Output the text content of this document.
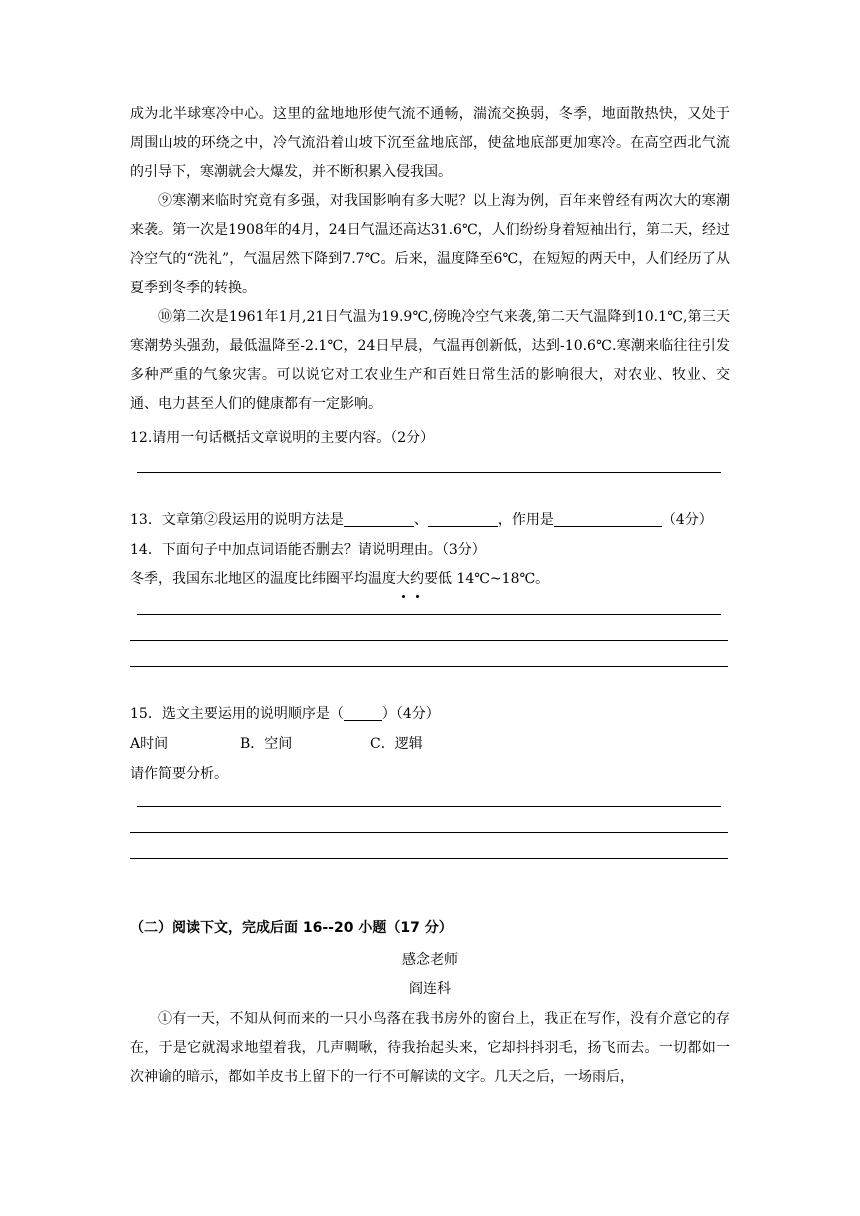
成为北半球寒冷中心。这里的盆地地形使气流不通畅，湍流交换弱，冬季，地面散热快，又处于周围山坡的环绕之中，冷气流沿着山坡下沉至盆地底部，使盆地底部更加寒冷。在高空西北气流的引导下，寒潮就会大爆发，并不断积累入侵我国。

⑨寒潮来临时究竟有多强，对我国影响有多大呢？以上海为例，百年来曾经有两次大的寒潮来袭。第一次是1908年的4月，24日气温还高达31.6℃，人们纷纷身着短袖出行，第二天，经过冷空气的“洗礼”，气温居然下降到7.7℃。后来，温度降至6℃，在短短的两天中，人们经历了从夏季到冬季的转换。

⑩第二次是1961年1月,21日气温为19.9℃,傍晚冷空气来袭,第二天气温降到10.1℃,第三天寒潮势头强劲，最低温降至-2.1℃，24日早晨，气温再创新低，达到-10.6℃.寒潮来临往往引发多种严重的气象灾害。可以说它对工农业生产和百姓日常生活的影响很大，对农业、牧业、交通、电力甚至人们的健康都有一定影响。

12.请用一句话概括文章说明的主要内容。（2分）

13．文章第②段运用的说明方法是	、	，作用是	（4分）

14．下面句子中加点词语能否删去？请说明理由。（3分）

冬季，我国东北地区的温度比纬圈平均温度大约要低 14℃~18℃。

15．选文主要运用的说明顺序是（	）（4分）

A时间	B．空间	C．逻辑

请作简要分析。

（二）阅读下文，完成后面 16--20 小题（17 分）

感念老师

阎连科

①有一天，不知从何而来的一只小鸟落在我书房外的窗台上，我正在写作，没有介意它的存在，于是它就渴求地望着我，几声啁啾，待我抬起头来，它却抖抖羽毛，扬飞而去。一切都如一次神谕的暗示，都如羊皮书上留下的一行不可解读的文字。几天之后，一场雨后，
